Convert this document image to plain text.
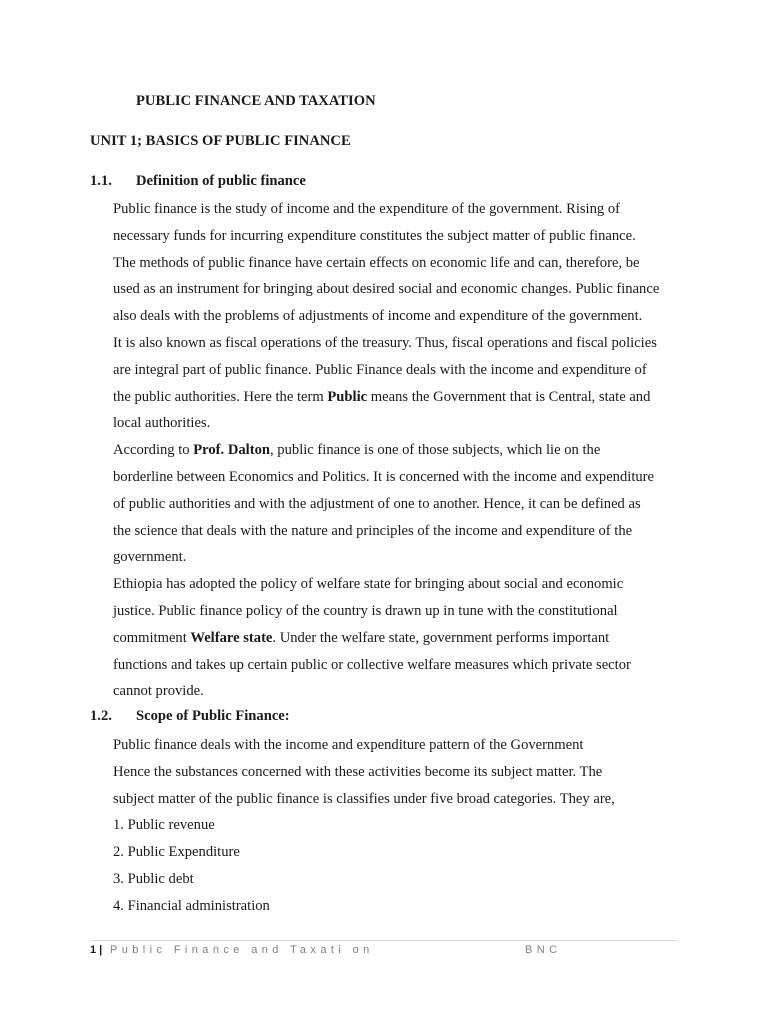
PUBLIC FINANCE AND TAXATION
UNIT 1; BASICS OF PUBLIC FINANCE
1.1. Definition of public finance
Public finance is the study of income and the expenditure of the government. Rising of
necessary funds for incurring expenditure constitutes the subject matter of public finance.
The methods of public finance have certain effects on economic life and can, therefore, be
used as an instrument for bringing about desired social and economic changes. Public finance
also deals with the problems of adjustments of income and expenditure of the government.
It is also known as fiscal operations of the treasury. Thus, fiscal operations and fiscal policies
are integral part of public finance. Public Finance deals with the income and expenditure of
the public authorities. Here the term Public means the Government that is Central, state and
local authorities.
According to Prof. Dalton, public finance is one of those subjects, which lie on the
borderline between Economics and Politics. It is concerned with the income and expenditure
of public authorities and with the adjustment of one to another. Hence, it can be defined as
the science that deals with the nature and principles of the income and expenditure of the
government.
Ethiopia has adopted the policy of welfare state for bringing about social and economic
justice. Public finance policy of the country is drawn up in tune with the constitutional
commitment Welfare state. Under the welfare state, government performs important
functions and takes up certain public or collective welfare measures which private sector
cannot provide.
1.2. Scope of Public Finance:
Public finance deals with the income and expenditure pattern of the Government
Hence the substances concerned with these activities become its subject matter. The
subject matter of the public finance is classifies under five broad categories. They are,
1. Public revenue
2. Public Expenditure
3. Public debt
4. Financial administration
1 | Public Finance and Taxati on	BNC
